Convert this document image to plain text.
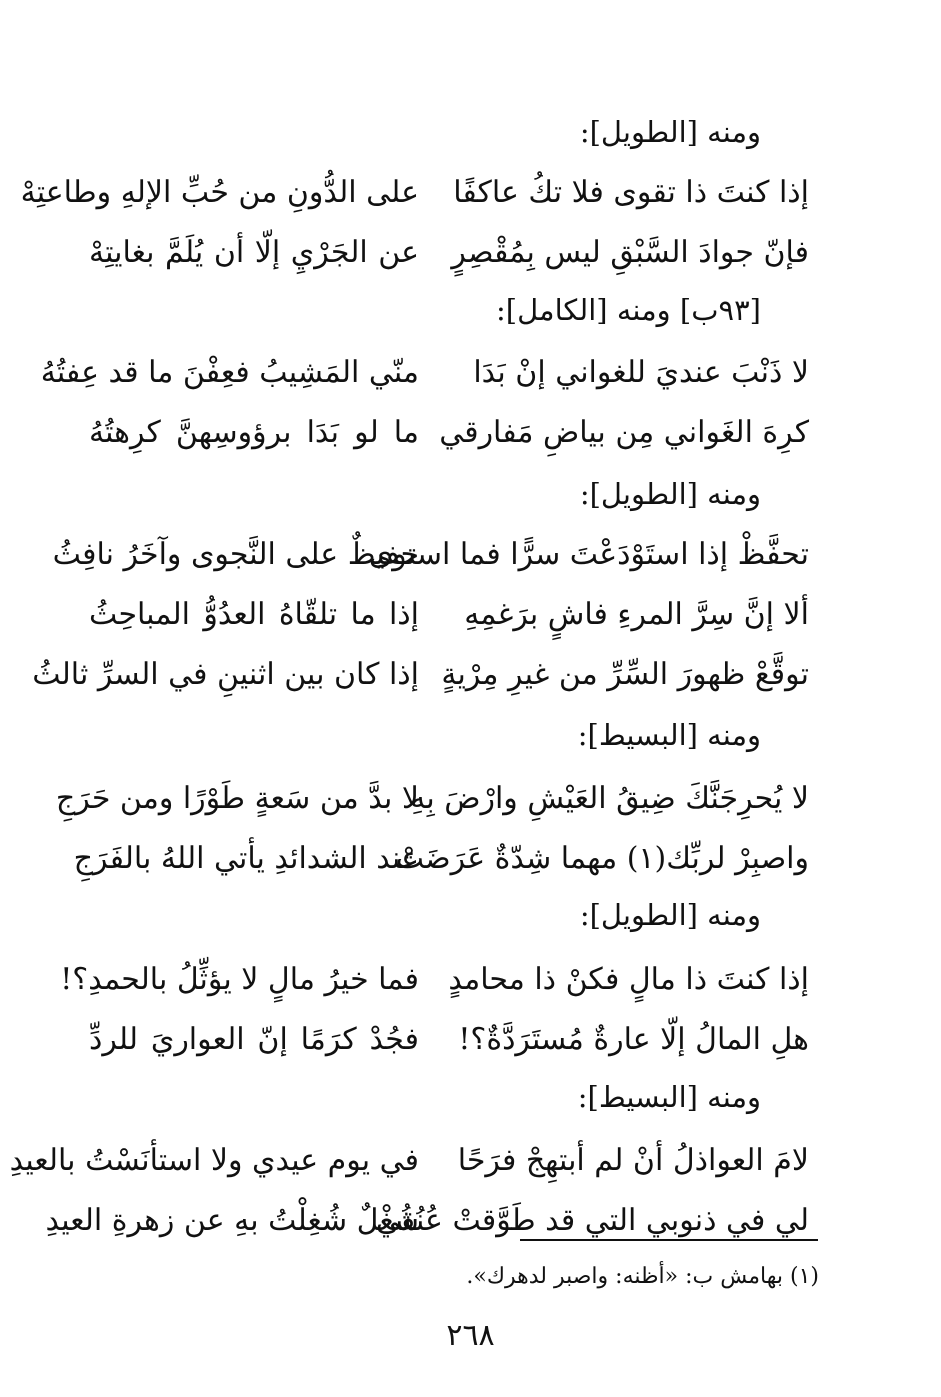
ومنه [الطويل]:
إذا كنتَ ذا تقوى فلا تكُ عاكفًا
على الدُّونِ من حُبِّ الإلهِ وطاعتِهْ
فإنّ جوادَ السَّبْقِ ليس بِمُقْصِرٍ
عن الجَرْيِ إلّا أن يُلَمَّ بغايتِهْ
[٩٣ب] ومنه [الكامل]:
لا ذَنْبَ عنديَ للغواني إنْ بَدَا
منّي المَشِيبُ فعِفْنَ ما قد عِفتُهُ
كرِهَ الغَواني مِن بياضِ مَفارقي
ما لو بَدَا برؤوسِهنَّ كرِهتُهُ
ومنه [الطويل]:
تحفَّظْ إذا استَوْدَعْتَ سرًّا فما استوى
حفيظٌ على النَّجوى وآخَرُ نافِثُ
ألا إنَّ سِرَّ المرءِ فاشٍ برَغمِهِ
إذا ما تلقّاهُ العدُوُّ المباحِثُ
توقَّعْ ظهورَ السِّرِّ من غيرِ مِرْيةٍ
إذا كان بين اثنينِ في السرِّ ثالثُ
ومنه [البسيط]:
لا يُحرِجَنَّكَ ضِيقُ العَيْشِ وارْضَ بِهِ
لا بدَّ من سَعةٍ طَوْرًا ومن حَرَجِ
واصبِرْ لربِّك(١) مهما شِدّةٌ عَرَضَتْ
عند الشدائدِ يأتي اللهُ بالفَرَجِ
ومنه [الطويل]:
إذا كنتَ ذا مالٍ فكنْ ذا محامدٍ
فما خيرُ مالٍ لا يؤثِّلُ بالحمدِ؟!
هلِ المالُ إلّا عارةٌ مُستَرَدَّةٌ؟!
فجُدْ كرَمًا إنّ العواريَ للردِّ
ومنه [البسيط]:
لامَ العواذلُ أنْ لم أبتهِجْ فرَحًا
في يوم عيدي ولا استأنَسْتُ بالعيدِ
لي في ذنوبي التي قد طَوَّقتْ عُنُقي
شُغْلٌ شُغِلْتُ بهِ عن زهرةِ العيدِ
(١) بهامش ب: «أظنه: واصبر لدهرك».
٢٦٨
